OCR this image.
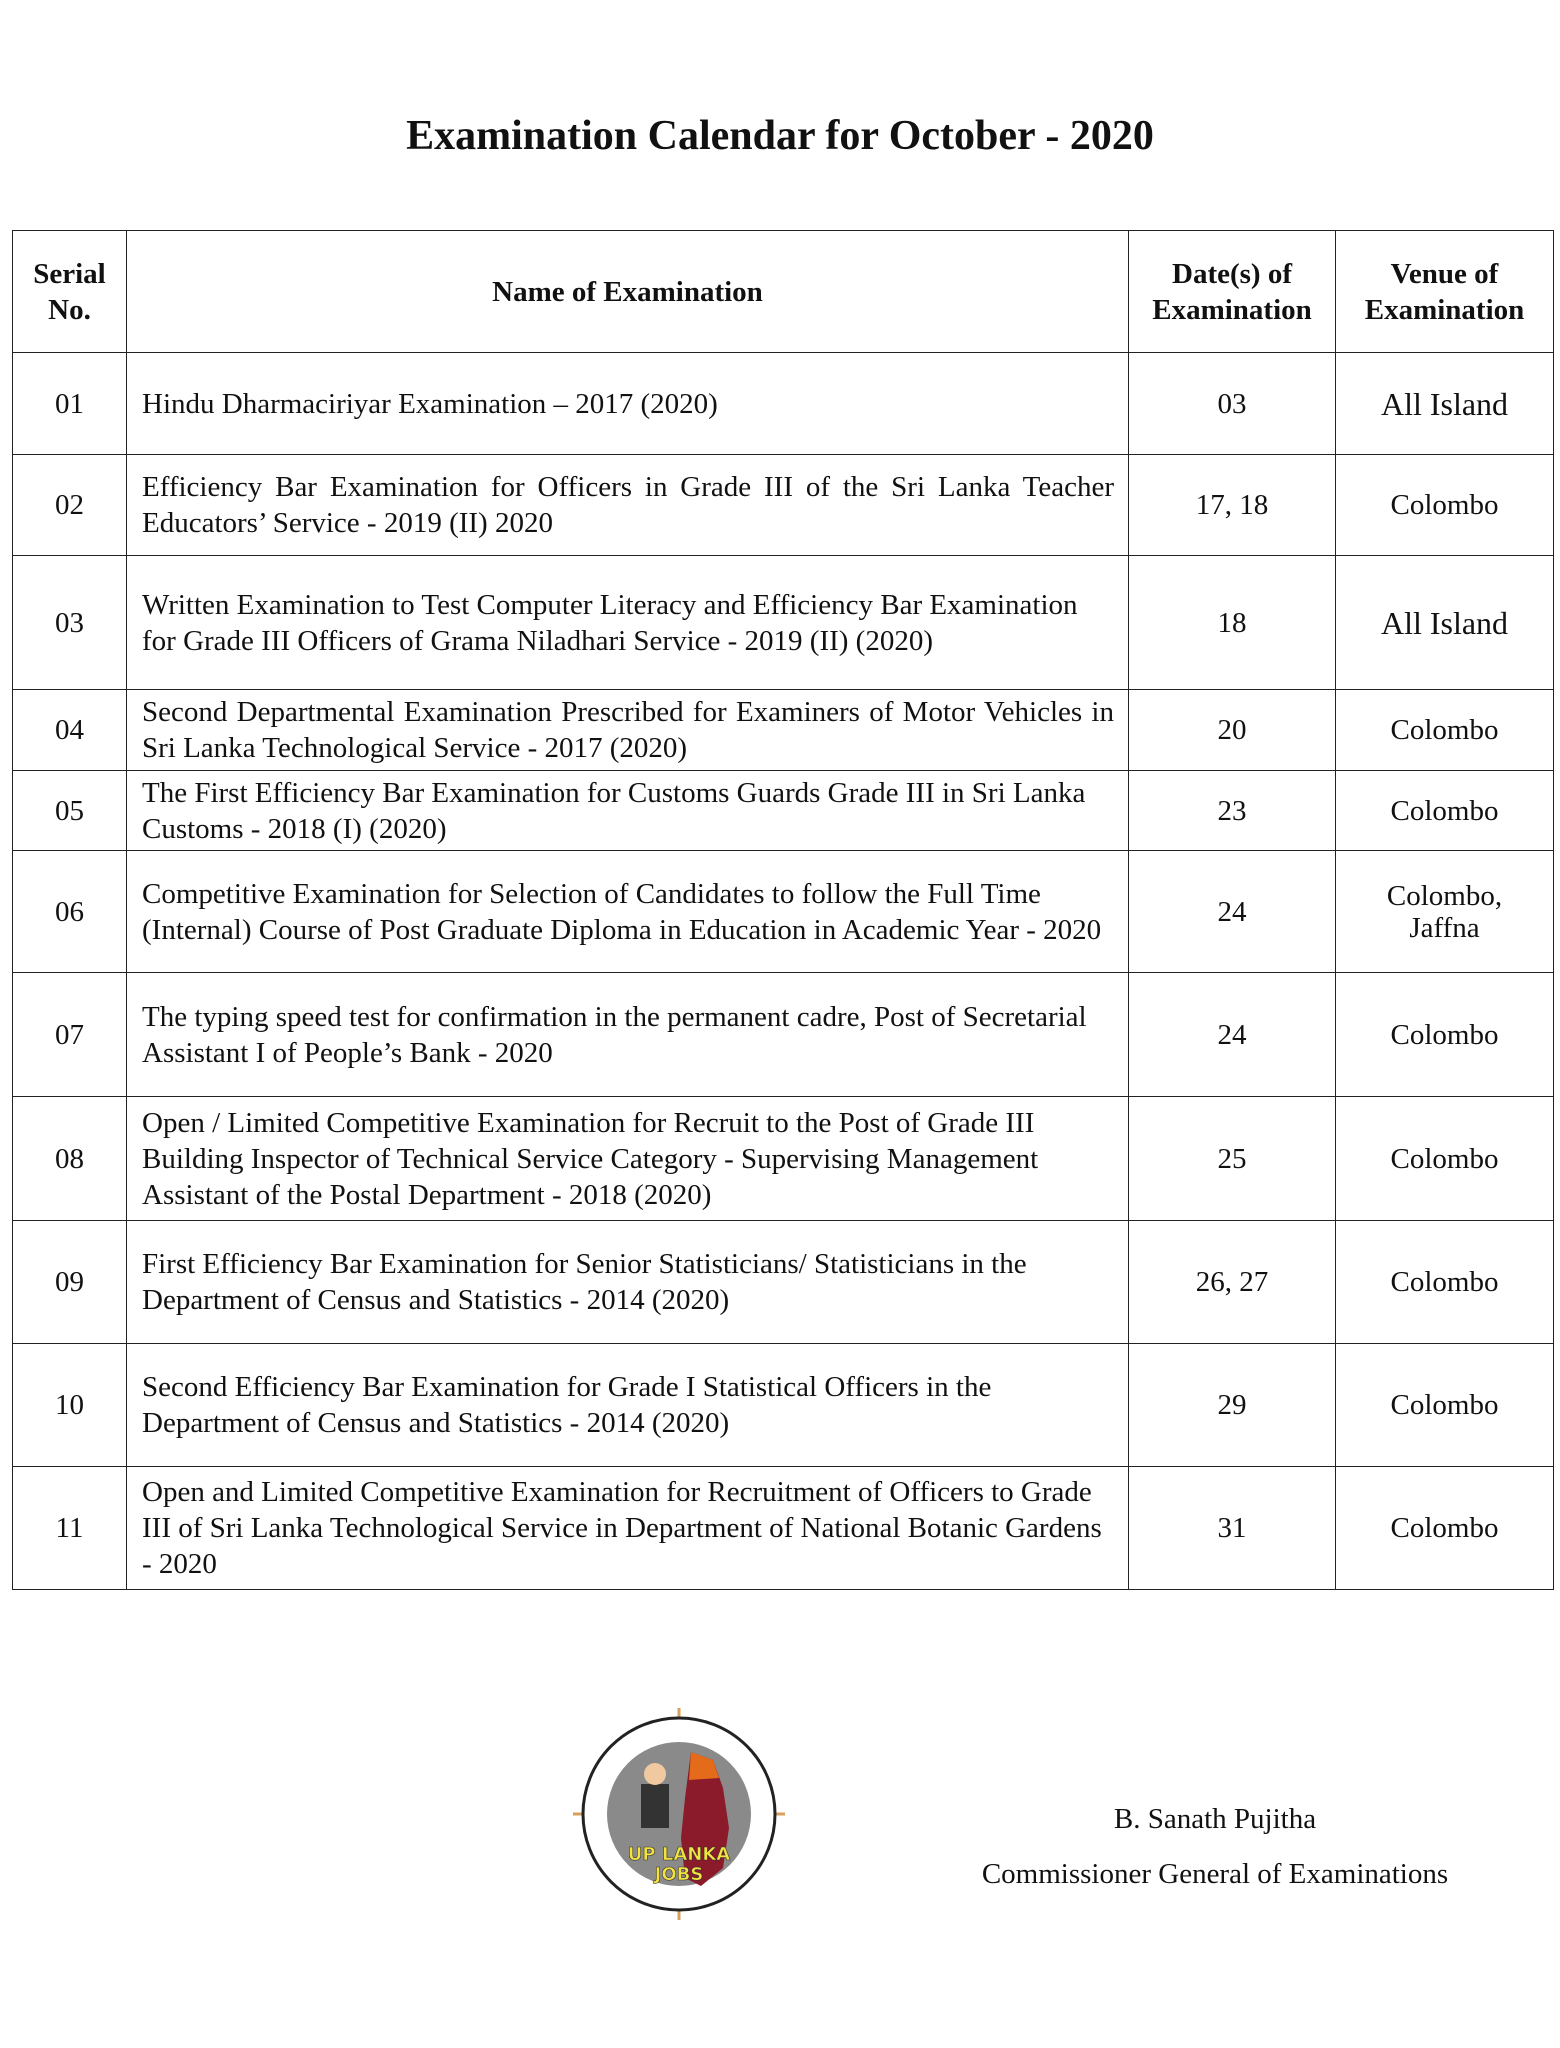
Examination Calendar for October - 2020
Serial No.	Name of Examination	Date(s) of Examination	Venue of Examination
01	Hindu Dharmaciriyar Examination – 2017 (2020)	03	All Island
02	Efficiency Bar Examination for Officers in Grade III of the Sri Lanka Teacher Educators’ Service - 2019 (II) 2020	17, 18	Colombo
03	Written Examination to Test Computer Literacy and Efficiency Bar Examination for Grade III Officers of Grama Niladhari Service - 2019 (II) (2020)	18	All Island
04	Second Departmental Examination Prescribed for Examiners of Motor Vehicles in Sri Lanka Technological Service - 2017 (2020)	20	Colombo
05	The First Efficiency Bar Examination for Customs Guards Grade III in Sri Lanka Customs - 2018 (I) (2020)	23	Colombo
06	Competitive Examination for Selection of Candidates to follow the Full Time (Internal) Course of Post Graduate Diploma in Education in Academic Year - 2020	24	Colombo, Jaffna
07	The typing speed test for confirmation in the permanent cadre, Post of Secretarial Assistant I of People’s Bank - 2020	24	Colombo
08	Open / Limited Competitive Examination for Recruit to the Post of Grade III Building Inspector of Technical Service Category - Supervising Management Assistant of the Postal Department - 2018 (2020)	25	Colombo
09	First Efficiency Bar Examination for Senior Statisticians/ Statisticians in the Department of Census and Statistics - 2014 (2020)	26, 27	Colombo
10	Second Efficiency Bar Examination for Grade I Statistical Officers in the Department of Census and Statistics - 2014 (2020)	29	Colombo
11	Open and Limited Competitive Examination for Recruitment of Officers to Grade III of Sri Lanka Technological Service in Department of National Botanic Gardens - 2020	31	Colombo
UP LANKA
JOBS
B. Sanath Pujitha
Commissioner General of Examinations
